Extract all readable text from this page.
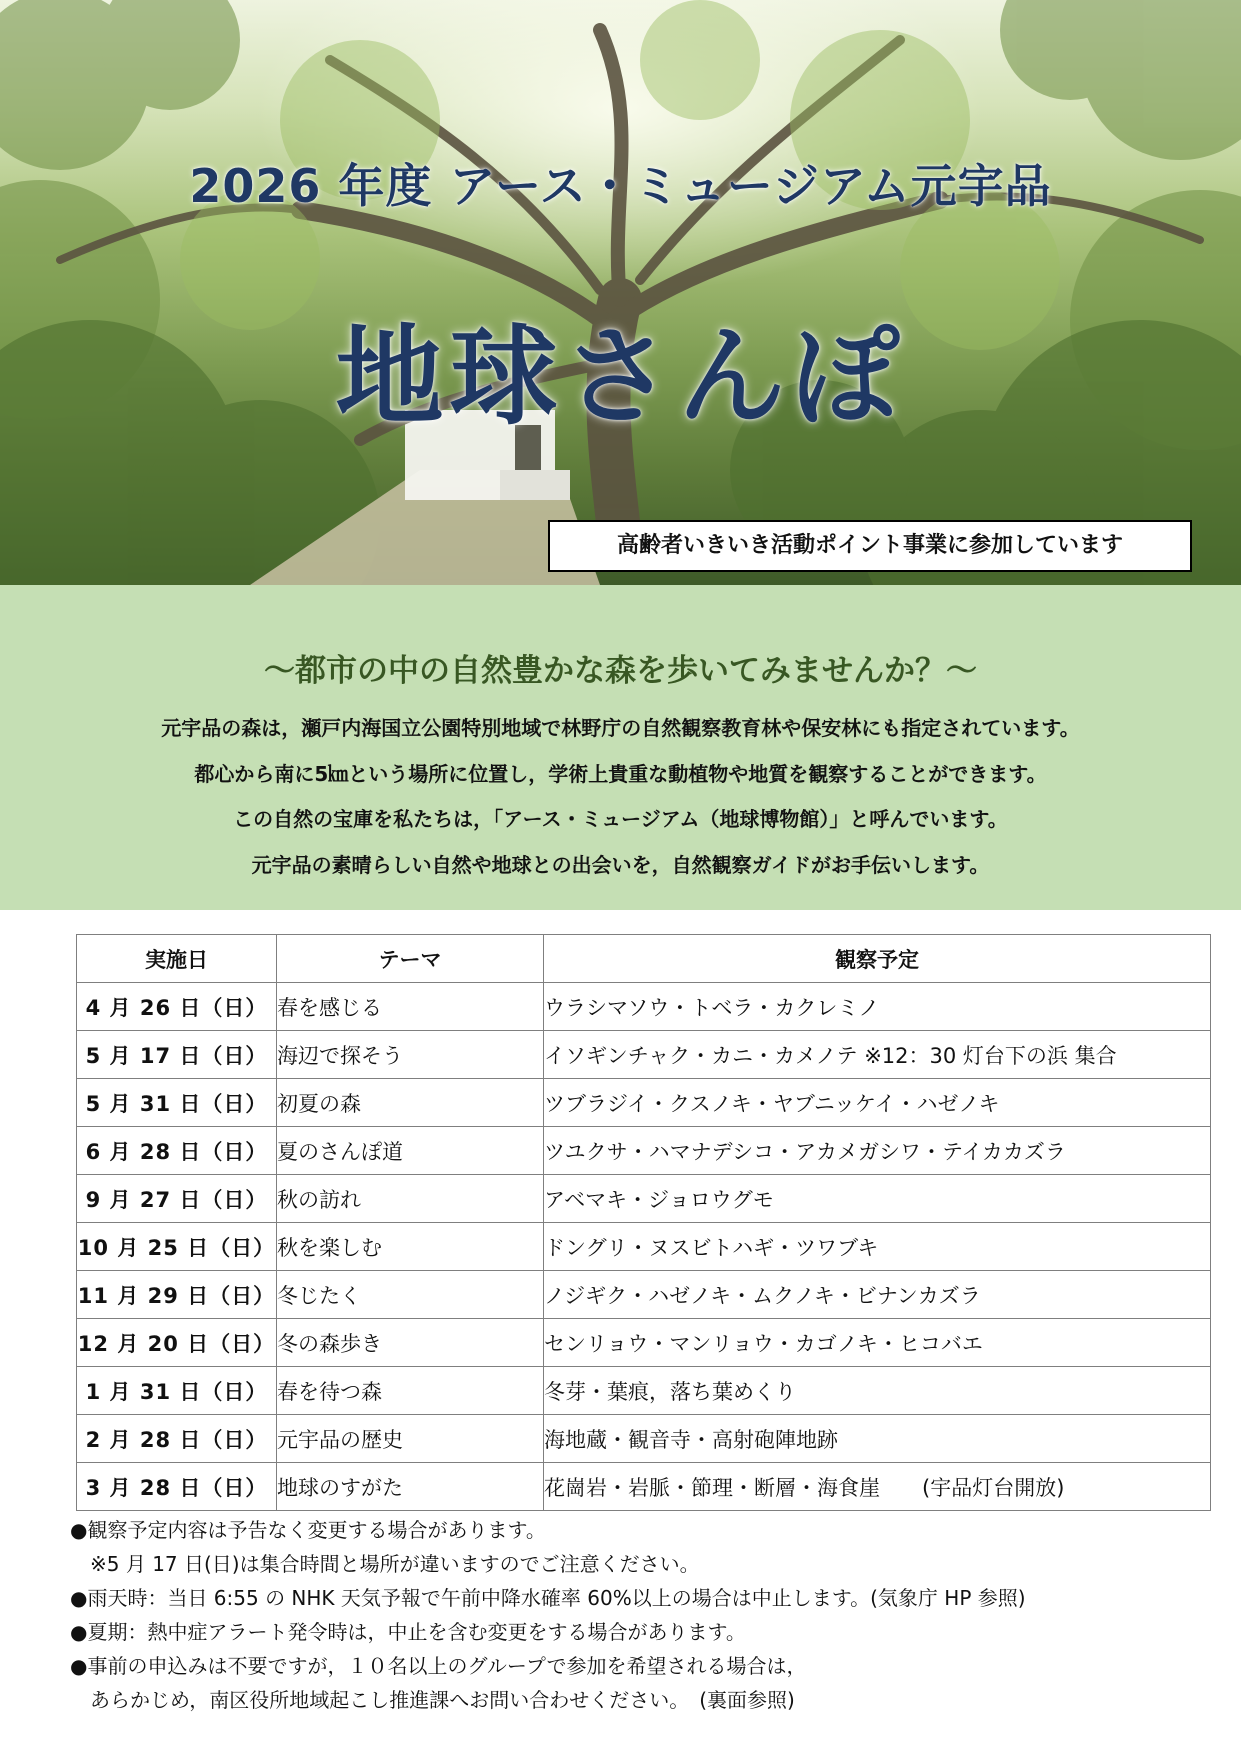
2026 年度 アース・ミュージアム元宇品
地球さんぽ
高齢者いきいき活動ポイント事業に参加しています
～都市の中の自然豊かな森を歩いてみませんか？～
元宇品の森は，瀬戸内海国立公園特別地域で林野庁の自然観察教育林や保安林にも指定されています。
都心から南に5㎞という場所に位置し，学術上貴重な動植物や地質を観察することができます。
この自然の宝庫を私たちは，「アース・ミュージアム（地球博物館）」と呼んでいます。
元宇品の素晴らしい自然や地球との出会いを，自然観察ガイドがお手伝いします。
実施日	テーマ	観察予定
4 月 26 日（日）	春を感じる	ウラシマソウ・トベラ・カクレミノ
5 月 17 日（日）	海辺で探そう	イソギンチャク・カニ・カメノテ ※12：30 灯台下の浜 集合
5 月 31 日（日）	初夏の森	ツブラジイ・クスノキ・ヤブニッケイ・ハゼノキ
6 月 28 日（日）	夏のさんぽ道	ツユクサ・ハマナデシコ・アカメガシワ・テイカカズラ
9 月 27 日（日）	秋の訪れ	アベマキ・ジョロウグモ
10 月 25 日（日）	秋を楽しむ	ドングリ・ヌスビトハギ・ツワブキ
11 月 29 日（日）	冬じたく	ノジギク・ハゼノキ・ムクノキ・ビナンカズラ
12 月 20 日（日）	冬の森歩き	センリョウ・マンリョウ・カゴノキ・ヒコバエ
1 月 31 日（日）	春を待つ森	冬芽・葉痕，落ち葉めくり
2 月 28 日（日）	元宇品の歴史	海地蔵・観音寺・高射砲陣地跡
3 月 28 日（日）	地球のすがた	花崗岩・岩脈・節理・断層・海食崖　　(宇品灯台開放)
●観察予定内容は予告なく変更する場合があります。
　※5 月 17 日(日)は集合時間と場所が違いますのでご注意ください。
●雨天時：当日 6:55 の NHK 天気予報で午前中降水確率 60%以上の場合は中止します。(気象庁 HP 参照)
●夏期：熱中症アラート発令時は，中止を含む変更をする場合があります。
●事前の申込みは不要ですが，１０名以上のグループで参加を希望される場合は，
　あらかじめ，南区役所地域起こし推進課へお問い合わせください。　(裏面参照)
